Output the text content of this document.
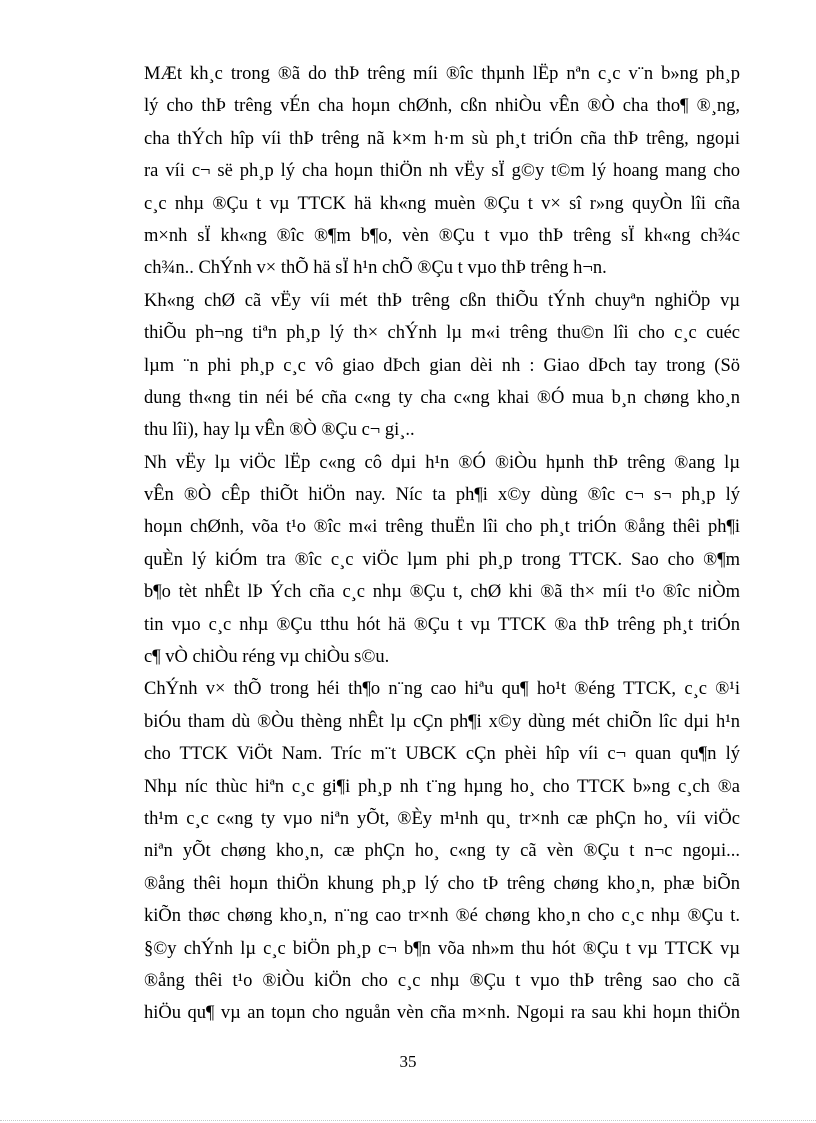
MÆt kh¸c trong ®ã do thÞ trêng míi ®îc thµnh lËp nªn c¸c v¨n b»ng ph¸p
lý cho thÞ trêng vÉn cha hoµn chØnh, cßn nhiÒu vÊn ®Ò cha tho¶ ®¸ng,
cha thÝch hîp víi thÞ trêng nã k×m h·m sù ph¸t triÓn cña thÞ trêng, ngoµi
ra víi c¬ së ph¸p lý cha hoµn thiÖn nh vËy sÏ g©y t©m lý hoang mang cho
c¸c nhµ ®Çu t vµ TTCK hä kh«ng muèn ®Çu t v× sî r»ng quyÒn lîi cña
m×nh sÏ kh«ng ®îc ®¶m b¶o, vèn ®Çu t vµo thÞ trêng sÏ kh«ng ch¾c
ch¾n.. ChÝnh v× thÕ hä sÏ h¹n chÕ ®Çu t vµo thÞ trêng h¬n.
Kh«ng chØ cã vËy víi mét thÞ trêng cßn thiÕu tÝnh chuyªn nghiÖp vµ
thiÕu ph¬ng tiªn ph¸p lý th× chÝnh lµ m«i trêng thu©n lîi cho c¸c cuéc
lµm ¨n phi ph¸p c¸c vô giao dÞch gian dèi nh : Giao dÞch tay trong (Sö
dung th«ng tin néi bé cña c«ng ty cha c«ng khai ®Ó mua b¸n chøng kho¸n
thu lîi), hay lµ vÊn ®Ò ®Çu c¬ gi¸..
Nh vËy lµ viÖc lËp c«ng cô dµi h¹n ®Ó ®iÒu hµnh thÞ trêng ®ang lµ
vÊn ®Ò cÊp thiÕt hiÖn nay. Níc ta ph¶i x©y dùng ®îc c¬ s¬ ph¸p lý
hoµn chØnh, võa t¹o ®îc m«i trêng thuËn lîi cho ph¸t triÓn ®ång thêi ph¶i
quÈn lý kiÓm tra ®îc c¸c viÖc lµm phi ph¸p trong TTCK. Sao cho ®¶m
b¶o tèt nhÊt lÞ Ých cña c¸c nhµ ®Çu t, chØ khi ®ã th× míi t¹o ®îc niÒm
tin vµo c¸c nhµ ®Çu tthu hót hä ®Çu t vµ TTCK ®a thÞ trêng ph¸t triÓn
c¶ vÒ chiÒu réng vµ chiÒu s©u.
ChÝnh v× thÕ trong héi th¶o n¨ng cao hiªu qu¶ ho¹t ®éng TTCK, c¸c ®¹i
biÓu tham dù ®Òu thèng nhÊt lµ cÇn ph¶i x©y dùng mét chiÕn lîc dµi h¹n
cho TTCK ViÖt Nam. Tríc m¨t UBCK cÇn phèi hîp víi c¬ quan qu¶n lý
Nhµ níc thùc hiªn c¸c gi¶i ph¸p nh t¨ng hµng ho¸ cho TTCK b»ng c¸ch ®a
th¹m c¸c c«ng ty vµo niªn yÕt, ®Èy m¹nh qu¸ tr×nh cæ phÇn ho¸ víi viÖc
niªn yÕt chøng kho¸n, cæ phÇn ho¸ c«ng ty cã vèn ®Çu t n¬c ngoµi...
®ång thêi hoµn thiÖn khung ph¸p lý cho tÞ trêng chøng kho¸n, phæ biÕn
kiÕn thøc chøng kho¸n, n¨ng cao tr×nh ®é chøng kho¸n cho c¸c nhµ ®Çu t.
§©y chÝnh lµ c¸c biÖn ph¸p c¬ b¶n võa nh»m thu hót ®Çu t vµ TTCK vµ
®ång thêi t¹o ®iÒu kiÖn cho c¸c nhµ ®Çu t vµo thÞ trêng sao cho cã
hiÖu qu¶ vµ an toµn cho nguån vèn cña m×nh. Ngoµi ra sau khi hoµn thiÖn
35
